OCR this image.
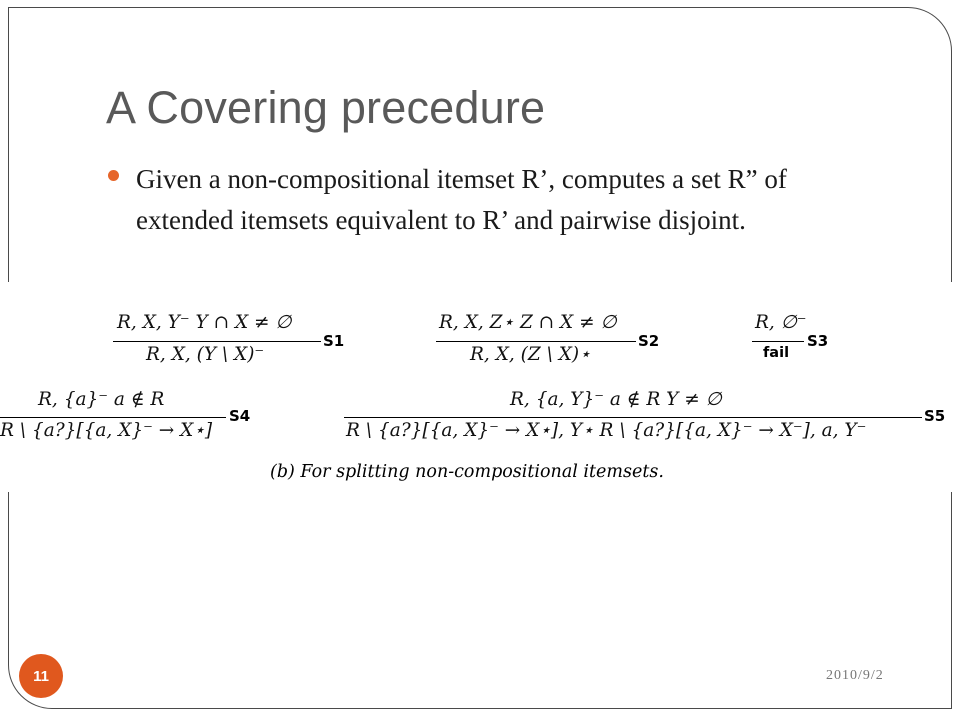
A Covering precedure
Given a non-compositional itemset R’, computes a set R” of
extended itemsets equivalent to R’ and pairwise disjoint.
R, X, Y⁻ Y ∩ X ≠ ∅
R, X, (Y \ X)⁻
S1
R, X, Z⋆ Z ∩ X ≠ ∅
R, X, (Z \ X)⋆
S2
R, ∅⁻
fail
S3
R, {a}⁻ a ∉ R
R \ {a?}[{a, X}⁻ → X⋆]
S4
R, {a, Y}⁻ a ∉ R Y ≠ ∅
R \ {a?}[{a, X}⁻ → X⋆], Y⋆ R \ {a?}[{a, X}⁻ → X⁻], a, Y⁻
S5
(b) For splitting non-compositional itemsets.
11	2010/9/2
